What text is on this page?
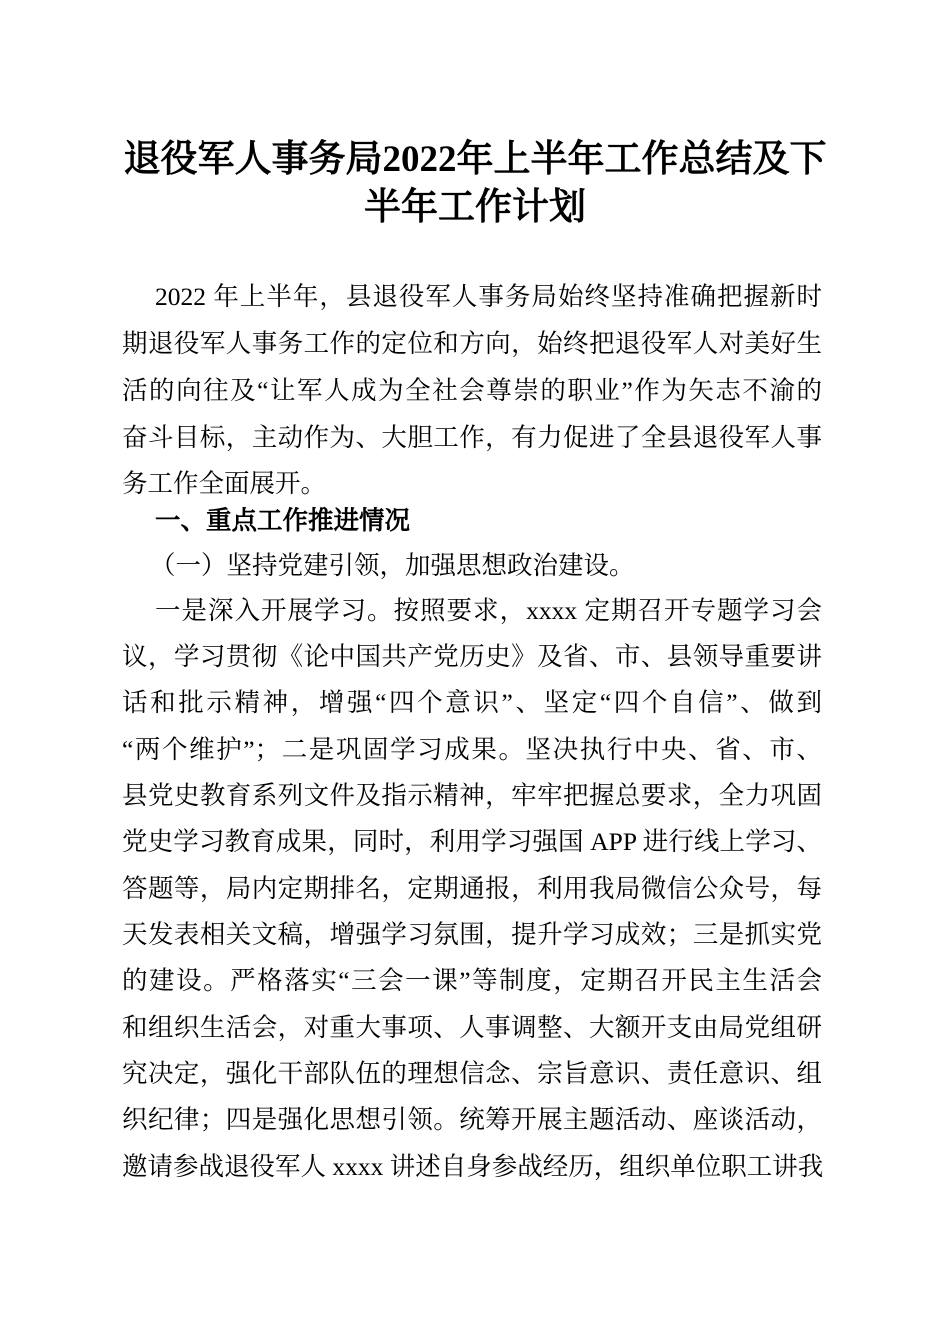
退役军人事务局2022年上半年工作总结及下
半年工作计划
2022 年上半年，县退役军人事务局始终坚持准确把握新时
期退役军人事务工作的定位和方向，始终把退役军人对美好生
活的向往及“让军人成为全社会尊崇的职业”作为矢志不渝的
奋斗目标，主动作为、大胆工作，有力促进了全县退役军人事
务工作全面展开。
一、重点工作推进情况
（一）坚持党建引领，加强思想政治建设。
一是深入开展学习。按照要求，xxxx 定期召开专题学习会
议，学习贯彻《论中国共产党历史》及省、市、县领导重要讲
话和批示精神，增强“四个意识”、坚定“四个自信”、做到
“两个维护”；二是巩固学习成果。坚决执行中央、省、市、
县党史教育系列文件及指示精神，牢牢把握总要求，全力巩固
党史学习教育成果，同时，利用学习强国 APP 进行线上学习、
答题等，局内定期排名，定期通报，利用我局微信公众号，每
天发表相关文稿，增强学习氛围，提升学习成效；三是抓实党
的建设。严格落实“三会一课”等制度，定期召开民主生活会
和组织生活会，对重大事项、人事调整、大额开支由局党组研
究决定，强化干部队伍的理想信念、宗旨意识、责任意识、组
织纪律；四是强化思想引领。统筹开展主题活动、座谈活动，
邀请参战退役军人 xxxx 讲述自身参战经历，组织单位职工讲我
